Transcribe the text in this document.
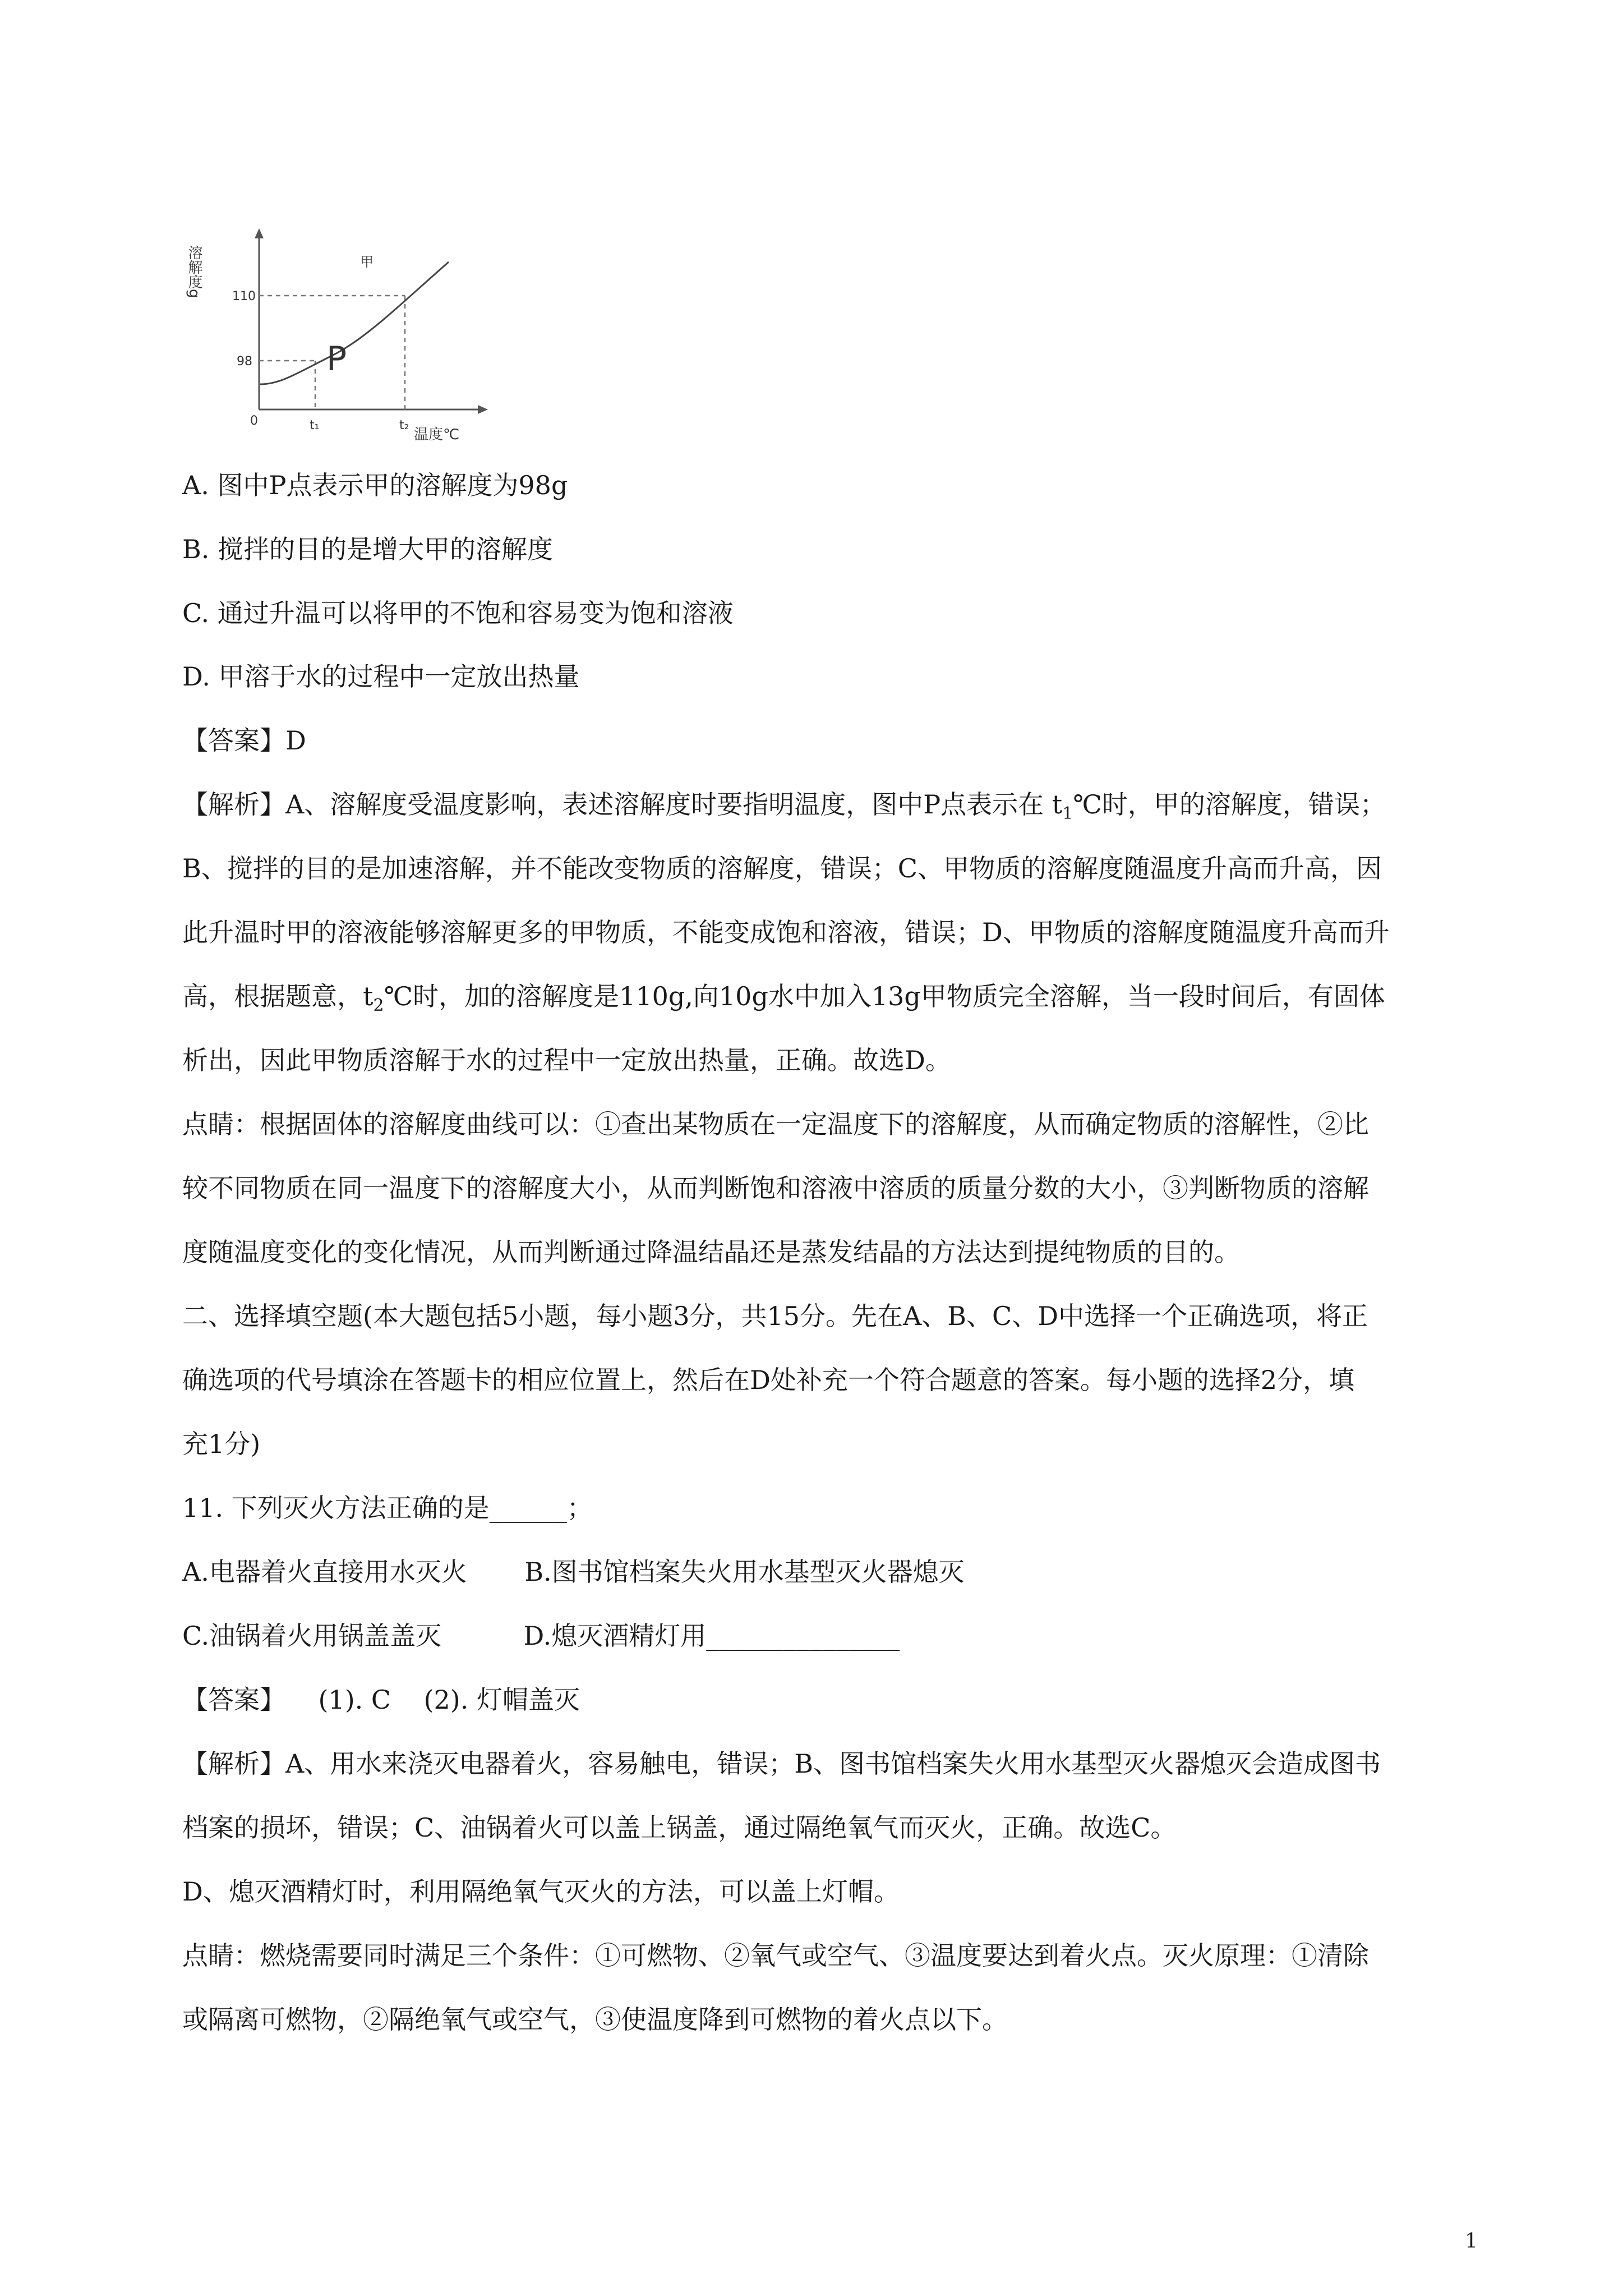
溶解度g	甲
P
110
98
0	t₁	t₂
温度℃
A. 图中P点表示甲的溶解度为98g
B. 搅拌的目的是增大甲的溶解度
C. 通过升温可以将甲的不饱和容易变为饱和溶液
D. 甲溶于水的过程中一定放出热量
【答案】D
【解析】A、溶解度受温度影响，表述溶解度时要指明温度，图中P点表示在 $t_1℃$时，甲的溶解度，错误；
B、搅拌的目的是加速溶解，并不能改变物质的溶解度，错误；C、甲物质的溶解度随温度升高而升高，因
此升温时甲的溶液能够溶解更多的甲物质，不能变成饱和溶液，错误；D、甲物质的溶解度随温度升高而升
高，根据题意，$t_2℃$时，加的溶解度是110g,向10g水中加入13g甲物质完全溶解，当一段时间后，有固体
析出，因此甲物质溶解于水的过程中一定放出热量，正确。故选D。
点睛：根据固体的溶解度曲线可以：①查出某物质在一定温度下的溶解度，从而确定物质的溶解性，②比
较不同物质在同一温度下的溶解度大小，从而判断饱和溶液中溶质的质量分数的大小，③判断物质的溶解
度随温度变化的变化情况，从而判断通过降温结晶还是蒸发结晶的方法达到提纯物质的目的。
二、选择填空题(本大题包括5小题，每小题3分，共15分。先在A、B、C、D中选择一个正确选项，将正
确选项的代号填涂在答题卡的相应位置上，然后在D处补充一个符合题意的答案。每小题的选择2分，填
充1分)
11. 下列灭火方法正确的是______；
A.电器着火直接用水灭火       B.图书馆档案失火用水基型灭火器熄灭
C.油锅着火用锅盖盖灭          D.熄灭酒精灯用_______________
【答案】    (1). C    (2). 灯帽盖灭
【解析】A、用水来浇灭电器着火，容易触电，错误；B、图书馆档案失火用水基型灭火器熄灭会造成图书
档案的损坏，错误；C、油锅着火可以盖上锅盖，通过隔绝氧气而灭火，正确。故选C。
D、熄灭酒精灯时，利用隔绝氧气灭火的方法，可以盖上灯帽。
点睛：燃烧需要同时满足三个条件：①可燃物、②氧气或空气、③温度要达到着火点。灭火原理：①清除
或隔离可燃物，②隔绝氧气或空气，③使温度降到可燃物的着火点以下。
1
